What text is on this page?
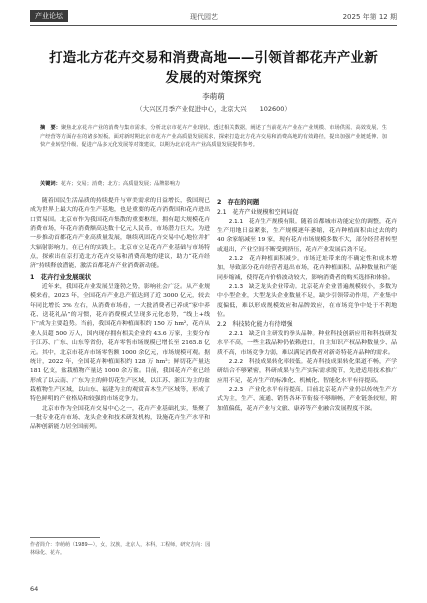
产业论坛	现代园艺	2025 年第 12 期
打造北方花卉交易和消费高地——引领首都花卉产业新
发展的对策探究
李萌萌
（大兴区月季产业促进中心，北京大兴　　102600）
摘　要：聚焦北京花卉产业的消费与集市需求，分析北京市花卉产业现状，透过相关数据，阐述了当前花卉产业在产业规模、市场供需、高效发展、生产经营等方面存在的诸多短板。面对新时期北京市花卉产业高质量发展需求，探索打造北方花卉交易和消费高地的有效路径，提出加强产业链延伸、加快产业转型升级、促进产品多元化发展等对策建议，以期为北京花卉产业高质量发展提供参考。
关键词：花卉；交易；消费；北方；高质量发展；品牌影响力

随着国民生活品质的持续提升与审美需求的日益增长，我国现已成为世界上最大的花卉生产基地，也是重要的花卉消费国和花卉进出口贸易国。北京市作为我国花卉集散的重要枢纽，拥有超大规模花卉消费市场，年花卉消费额高达数十亿元人民币，市场潜力巨大。为进一步推动首都花卉产业高质量发展，继续巩固花卉交易中心地位并扩大辐射影响力，在已有的实践上，北京市立足花卉产业基础与市场特点，探索出在京打造北方花卉交易和消费高地的建议，助力“花卉经济”持续释放潜能，激活首都花卉产业消费新动能。

1　花卉行业发展现状

近年来，我国花卉业发展呈蓬勃之势，影响社会广泛。从产业规模来看，2023 年，全国花卉产业总产值达到了近 3000 亿元，较去年同比增长 3% 左右，从消费市场看，一大批消费者已养成“家中养花、送花礼品”的习惯，花卉消费模式呈现多元化态势，“线上+线下”成为主要趋势。当前，我国花卉种植面积约 150 万 hm²，花卉从业人员超 500 万人，国内现存拥有相关企业约 43.6 万家，主要分布于江苏、广东、山东等省份，花卉零售市场规模已增长至 2165.8 亿元。其中，北京市花卉市场零售额 1000 余亿元，市场规模可观。据统计，2022 年，全国花卉种植面积约 128 万 hm²；鲜切花产量达 181 亿支，盆栽植物产量达 1000 余万盆。目前，我国花卉产业已经形成了以云南、广东为主的鲜切花生产区域，以江苏、浙江为主的盆栽植物生产区域，以山东、福建为主的观赏苗木生产区域等，形成了特色鲜明的产业格局和较强的市场竞争力。

北京市作为全国花卉交易中心之一，花卉产业基础扎实，集聚了一批专业花卉市场、龙头企业和技术研发机构，设施花卉生产水平和品种创新能力居全国前列。

2　存在的问题
2.1　花卉产业规模和空间局促

2.1.1　花卉生产规模有限。随着首都城市功能定位的调整，花卉生产用地日益紧张，生产规模逐年萎缩，花卉种植面积由过去的约 40 余家缩减至 19 家，现有花卉市场规模多数不大，部分经营者转型或退出，产业空间不断受到挤压，花卉产业发展后劲不足。

2.1.2　花卉种植面积减少。市场迁址带来的不确定性和成本增加，导致部分花卉经营者退出市场，花卉种植面积、品种数量和产能同步缩减，使得花卉价格波动较大，影响消费者的购买选择和体验。

2.1.3　缺乏龙头企业带动。北京花卉企业普遍规模较小，多数为中小型企业，大型龙头企业数量不足，缺少引领带动作用，产业集中度偏低，难以形成规模效应和品牌效应，在市场竞争中处于不利地位。

2.2　科技转化能力有待增强

2.2.1　缺乏自主研发的拳头品种。种业科技创新应用和科技研发水平不高，一些主栽品种仍依赖进口，自主知识产权品种数量少、品质不高，市场竞争力弱，难以满足消费者对新奇特花卉品种的需求。

2.2.2　科技成果转化率较低。花卉科技成果转化渠道不畅，产学研结合不够紧密，科研成果与生产实际需求脱节，先进适用技术推广应用不足，花卉生产的标准化、机械化、智能化水平有待提高。

2.2.3　产业化水平有待提高。目前北京花卉产业仍以传统生产方式为主，生产、流通、销售各环节衔接不够顺畅，产业链条较短，附加值偏低，花卉产业与文旅、康养等产业融合发展程度不深。

作者简介：李萌萌（1989—），女，汉族，北京人，本科，工程师，研究方向：园林绿化、花卉。
64
